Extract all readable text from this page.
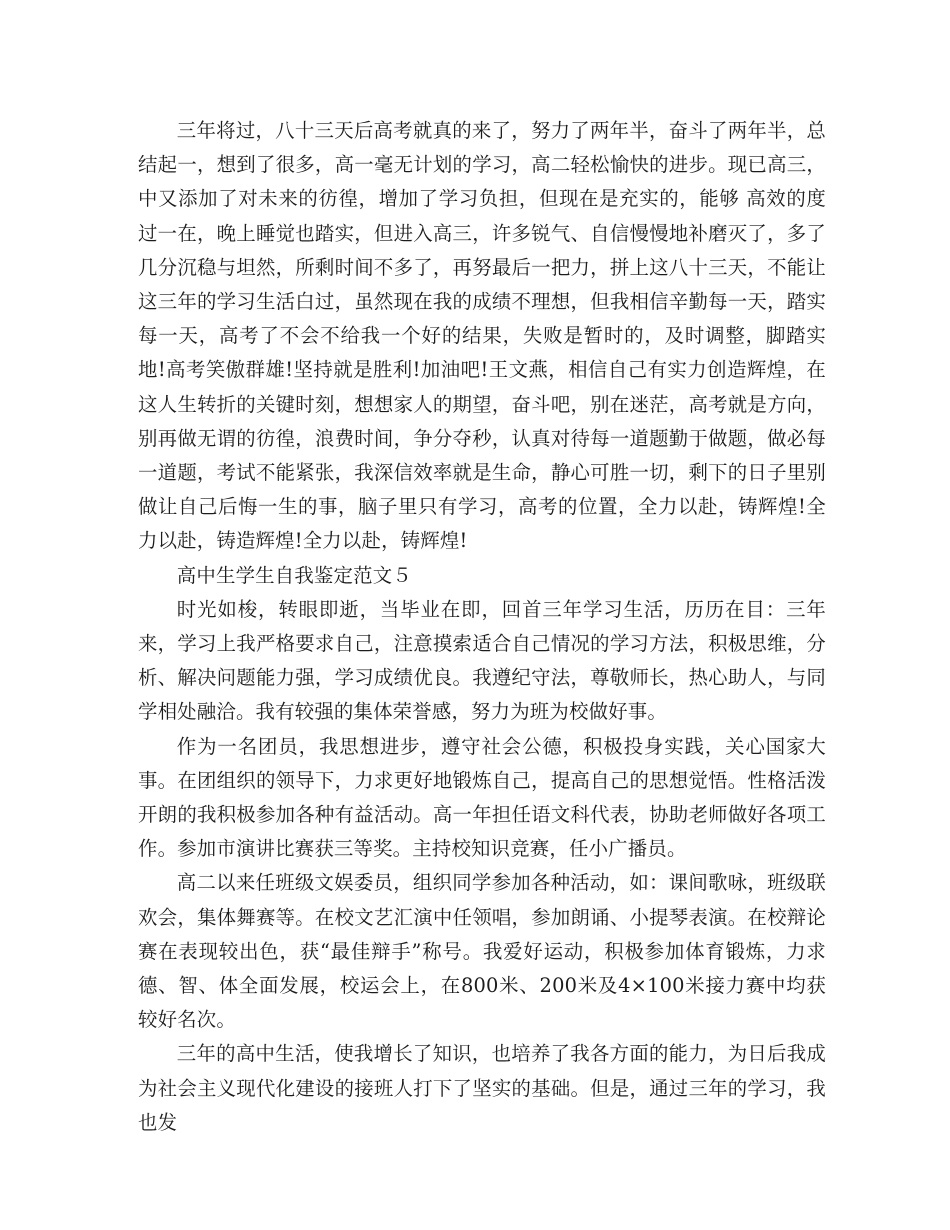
三年将过，八十三天后高考就真的来了，努力了两年半，奋斗了两年半，总结起一，想到了很多，高一毫无计划的学习，高二轻松愉快的进步。现已高三，中又添加了对未来的彷徨，增加了学习负担，但现在是充实的，能够 高效的度过一在，晚上睡觉也踏实，但进入高三，许多锐气、自信慢慢地补磨灭了，多了几分沉稳与坦然，所剩时间不多了，再努最后一把力，拼上这八十三天，不能让这三年的学习生活白过，虽然现在我的成绩不理想，但我相信辛勤每一天，踏实每一天，高考了不会不给我一个好的结果，失败是暂时的，及时调整，脚踏实地!高考笑傲群雄!坚持就是胜利!加油吧!王文燕，相信自己有实力创造辉煌，在这人生转折的关键时刻，想想家人的期望，奋斗吧，别在迷茫，高考就是方向，别再做无谓的彷徨，浪费时间，争分夺秒，认真对待每一道题勤于做题，做必每一道题，考试不能紧张，我深信效率就是生命，静心可胜一切，剩下的日子里别做让自己后悔一生的事，脑子里只有学习，高考的位置，全力以赴，铸辉煌!全力以赴，铸造辉煌!全力以赴，铸辉煌!

高中生学生自我鉴定范文５

时光如梭，转眼即逝，当毕业在即，回首三年学习生活，历历在目：三年来，学习上我严格要求自己，注意摸索适合自己情况的学习方法，积极思维，分析、解决问题能力强，学习成绩优良。我遵纪守法，尊敬师长，热心助人，与同学相处融洽。我有较强的集体荣誉感，努力为班为校做好事。

作为一名团员，我思想进步，遵守社会公德，积极投身实践，关心国家大事。在团组织的领导下，力求更好地锻炼自己，提高自己的思想觉悟。性格活泼开朗的我积极参加各种有益活动。高一年担任语文科代表，协助老师做好各项工作。参加市演讲比赛获三等奖。主持校知识竞赛，任小广播员。

高二以来任班级文娱委员，组织同学参加各种活动，如：课间歌咏，班级联欢会，集体舞赛等。在校文艺汇演中任领唱，参加朗诵、小提琴表演。在校辩论赛在表现较出色，获“最佳辩手”称号。我爱好运动，积极参加体育锻炼，力求德、智、体全面发展，校运会上，在800米、200米及4×100米接力赛中均获较好名次。

三年的高中生活，使我增长了知识，也培养了我各方面的能力，为日后我成为社会主义现代化建设的接班人打下了坚实的基础。但是，通过三年的学习，我也发
